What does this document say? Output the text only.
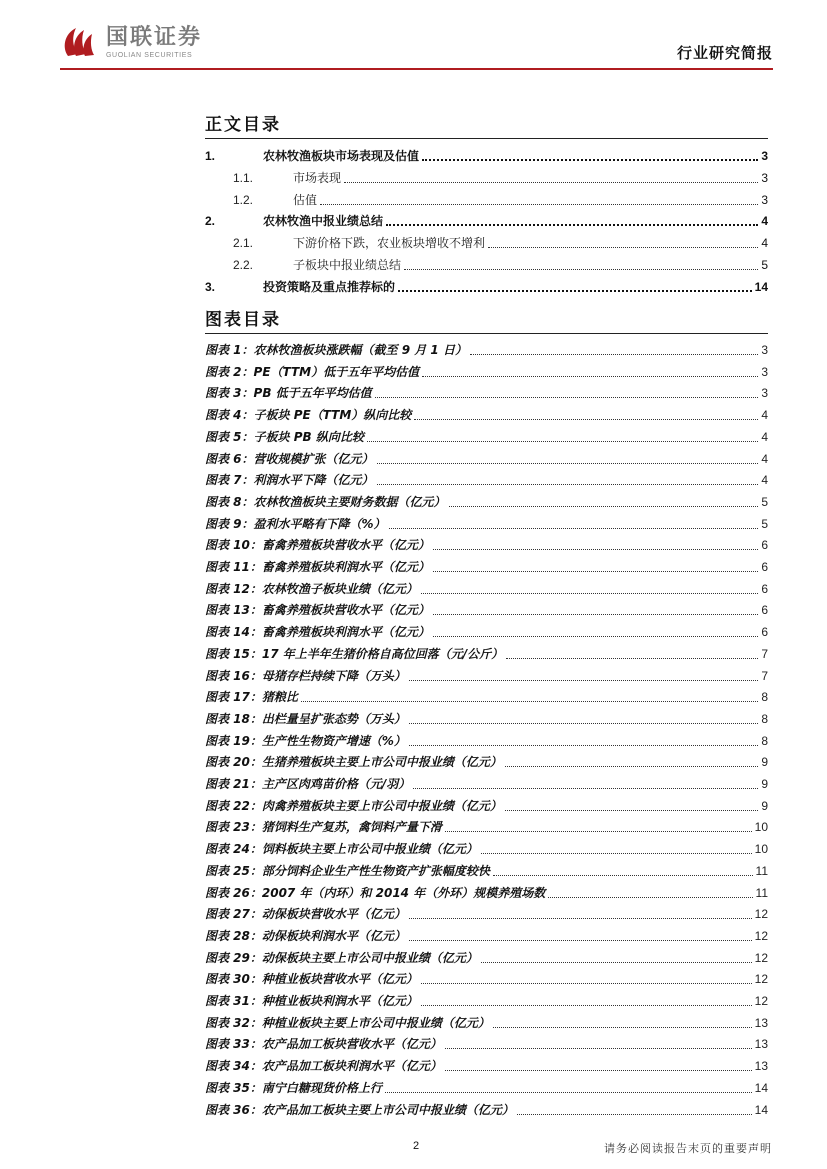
国联证券
GUOLIAN SECURITIES	行业研究简报
正文目录
1.	农林牧渔板块市场表现及估值	3
1.1.	市场表现	3
1.2.	估值	3
2.	农林牧渔中报业绩总结	4
2.1.	下游价格下跌，农业板块增收不增利	4
2.2.	子板块中报业绩总结	5
3.	投资策略及重点推荐标的	14
图表目录
图表 1：农林牧渔板块涨跌幅（截至 9 月 1 日）	3
图表 2：PE（TTM）低于五年平均估值	3
图表 3：PB 低于五年平均估值	3
图表 4：子板块 PE（TTM）纵向比较	4
图表 5：子板块 PB 纵向比较	4
图表 6：营收规模扩张（亿元）	4
图表 7：利润水平下降（亿元）	4
图表 8：农林牧渔板块主要财务数据（亿元）	5
图表 9：盈利水平略有下降（%）	5
图表 10：畜禽养殖板块营收水平（亿元）	6
图表 11：畜禽养殖板块利润水平（亿元）	6
图表 12：农林牧渔子板块业绩（亿元）	6
图表 13：畜禽养殖板块营收水平（亿元）	6
图表 14：畜禽养殖板块利润水平（亿元）	6
图表 15：17 年上半年生猪价格自高位回落（元/公斤）	7
图表 16：母猪存栏持续下降（万头）	7
图表 17：猪粮比	8
图表 18：出栏量呈扩张态势（万头）	8
图表 19：生产性生物资产增速（%）	8
图表 20：生猪养殖板块主要上市公司中报业绩（亿元）	9
图表 21：主产区肉鸡苗价格（元/羽）	9
图表 22：肉禽养殖板块主要上市公司中报业绩（亿元）	9
图表 23：猪饲料生产复苏，禽饲料产量下滑	10
图表 24：饲料板块主要上市公司中报业绩（亿元）	10
图表 25：部分饲料企业生产性生物资产扩张幅度较快	11
图表 26：2007 年（内环）和 2014 年（外环）规模养殖场数	11
图表 27：动保板块营收水平（亿元）	12
图表 28：动保板块利润水平（亿元）	12
图表 29：动保板块主要上市公司中报业绩（亿元）	12
图表 30：种植业板块营收水平（亿元）	12
图表 31：种植业板块利润水平（亿元）	12
图表 32：种植业板块主要上市公司中报业绩（亿元）	13
图表 33：农产品加工板块营收水平（亿元）	13
图表 34：农产品加工板块利润水平（亿元）	13
图表 35：南宁白糖现货价格上行	14
图表 36：农产品加工板块主要上市公司中报业绩（亿元）	14
2	请务必阅读报告末页的重要声明
